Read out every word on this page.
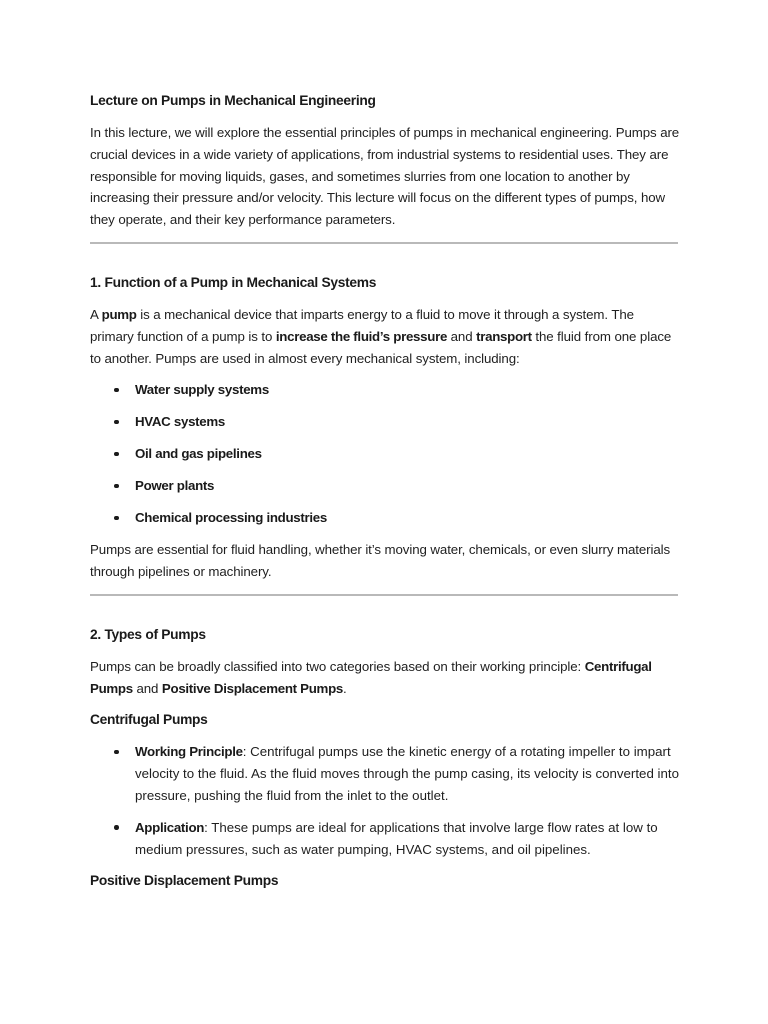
Lecture on Pumps in Mechanical Engineering

In this lecture, we will explore the essential principles of pumps in mechanical engineering. Pumps are crucial devices in a wide variety of applications, from industrial systems to residential uses. They are responsible for moving liquids, gases, and sometimes slurries from one location to another by increasing their pressure and/or velocity. This lecture will focus on the different types of pumps, how they operate, and their key performance parameters.

1. Function of a Pump in Mechanical Systems

A pump is a mechanical device that imparts energy to a fluid to move it through a system. The primary function of a pump is to increase the fluid’s pressure and transport the fluid from one place to another. Pumps are used in almost every mechanical system, including:

Water supply systems
HVAC systems
Oil and gas pipelines
Power plants
Chemical processing industries

Pumps are essential for fluid handling, whether it’s moving water, chemicals, or even slurry materials through pipelines or machinery.

2. Types of Pumps

Pumps can be broadly classified into two categories based on their working principle: Centrifugal Pumps and Positive Displacement Pumps.

Centrifugal Pumps
Working Principle: Centrifugal pumps use the kinetic energy of a rotating impeller to impart velocity to the fluid. As the fluid moves through the pump casing, its velocity is converted into pressure, pushing the fluid from the inlet to the outlet.
Application: These pumps are ideal for applications that involve large flow rates at low to medium pressures, such as water pumping, HVAC systems, and oil pipelines.
Positive Displacement Pumps
